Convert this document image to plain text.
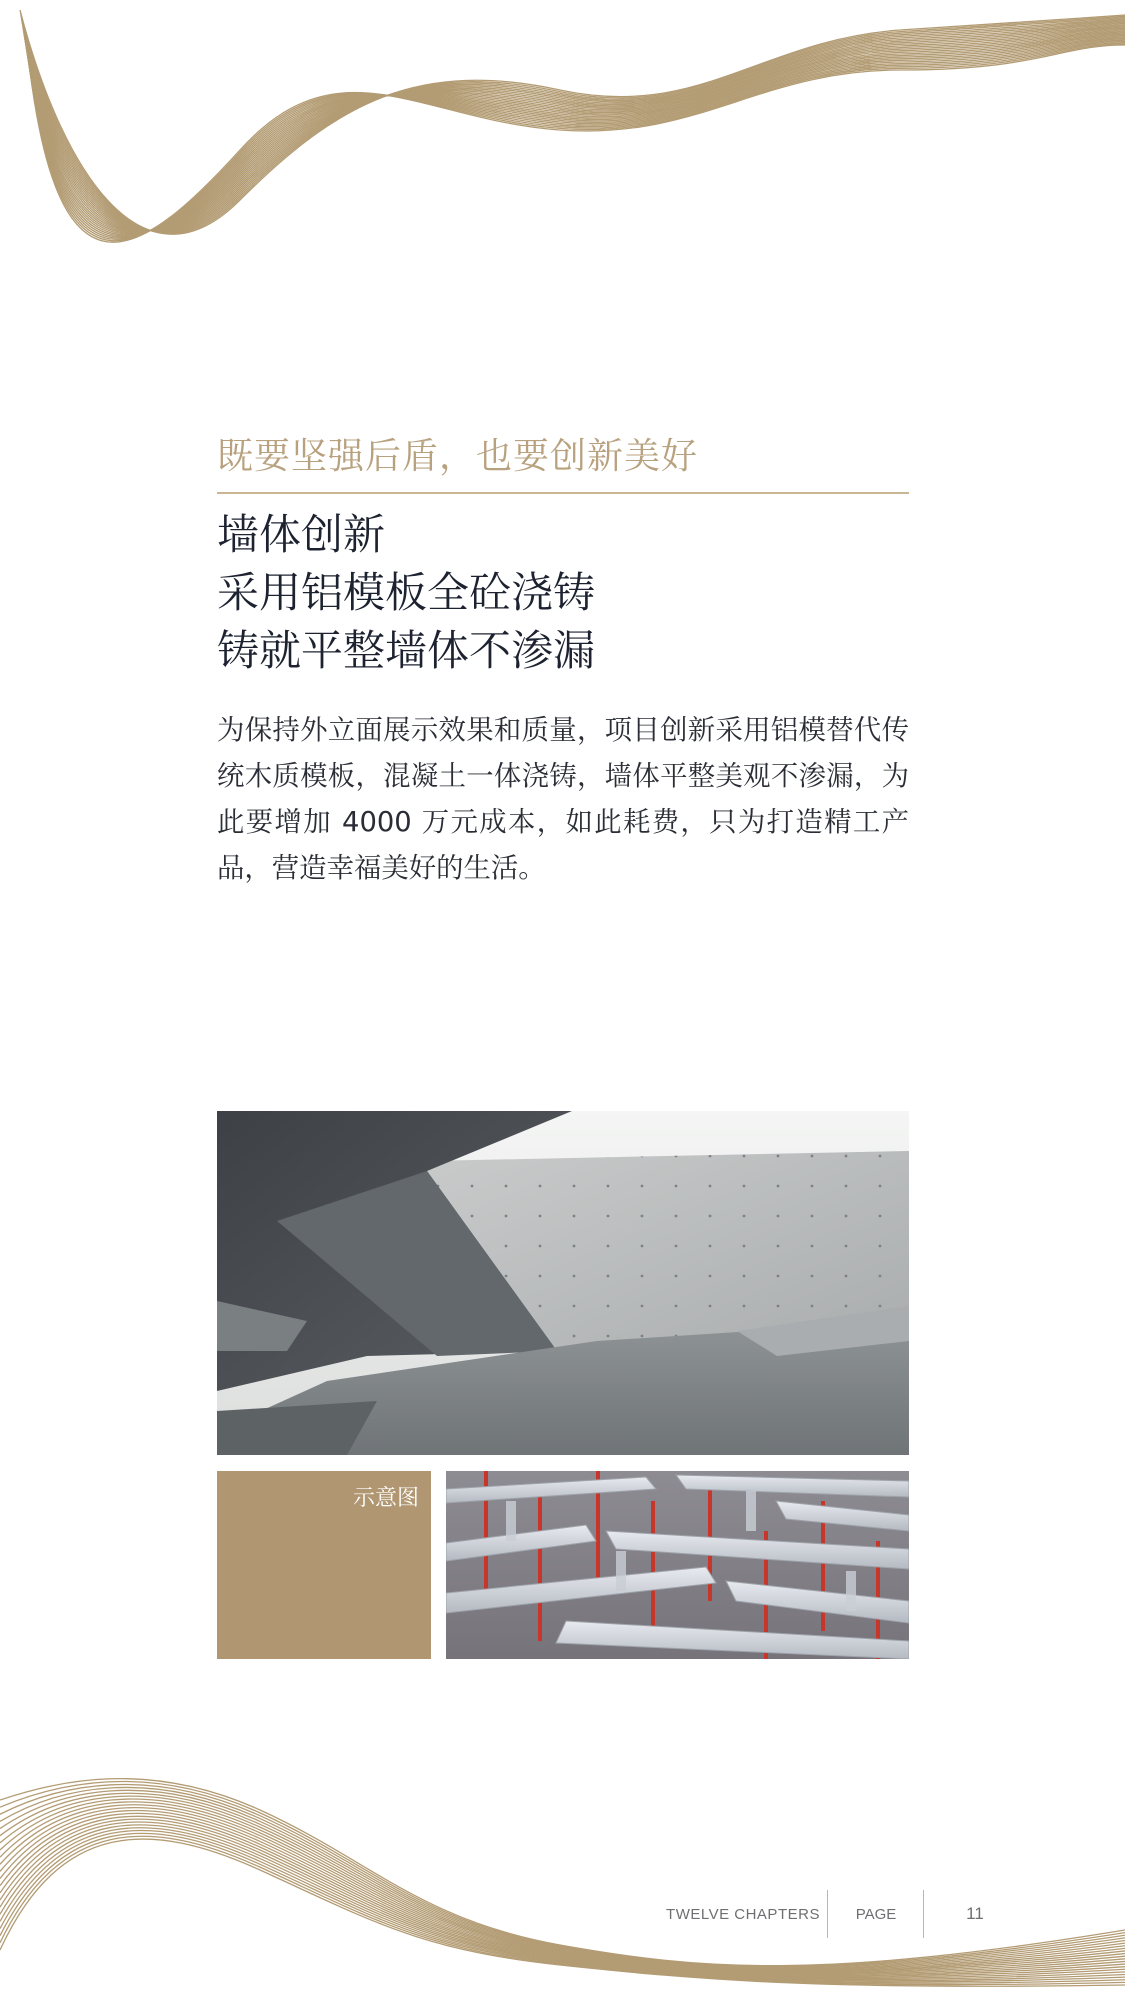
既要坚强后盾，也要创新美好
墙体创新
采用铝模板全砼浇铸
铸就平整墙体不渗漏
为保持外立面展示效果和质量，项目创新采用铝模替代传统木质模板，混凝土一体浇铸，墙体平整美观不渗漏，为此要增加 4000 万元成本，如此耗费，只为打造精工产品，营造幸福美好的生活。
示意图
TWELVE CHAPTERS PAGE	11
